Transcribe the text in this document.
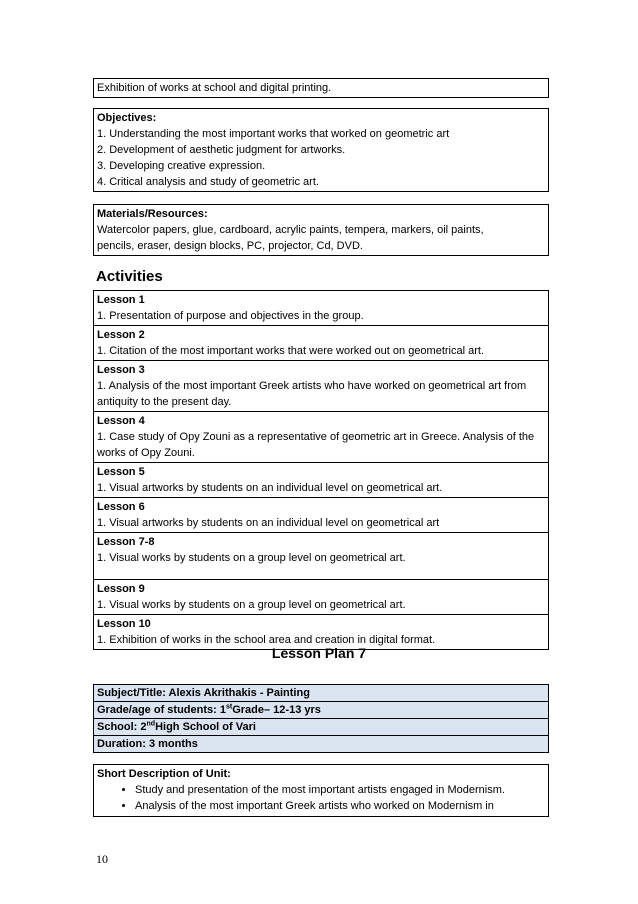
Exhibition of works at school and digital printing.

Objectives:

1. Understanding the most important works that worked on geometric art

2. Development of aesthetic judgment for artworks.

3. Developing creative expression.

4. Critical analysis and study of geometric art.

Materials/Resources:

Watercolor papers, glue, cardboard, acrylic paints, tempera, markers, oil paints,

pencils, eraser, design blocks, PC, projector, Cd, DVD.

Activities
Lesson 1
1. Presentation of purpose and objectives in the group.

Lesson 2
1. Citation of the most important works that were worked out on geometrical art.

Lesson 3
1. Analysis of the most important Greek artists who have worked on geometrical art from antiquity to the present day.

Lesson 4
1. Case study of Opy Zouni as a representative of geometric art in Greece. Analysis of the works of Opy Zouni.

Lesson 5
1. Visual artworks by students on an individual level on geometrical art.

Lesson 6
1. Visual artworks by students on an individual level on geometrical art

Lesson 7-8
1. Visual works by students on a group level on geometrical art.

Lesson 9
1. Visual works by students on a group level on geometrical art.

Lesson 10
1. Exhibition of works in the school area and creation in digital format.
Lesson Plan 7
Subject/Title: Alexis Akrithakis - Painting
Grade/age of students: 1stGrade– 12-13 yrs
School: 2ndHigh School of Vari
Duration: 3 months

Short Description of Unit:

• Study and presentation of the most important artists engaged in Modernism.
• Analysis of the most important Greek artists who worked on Modernism in
10
